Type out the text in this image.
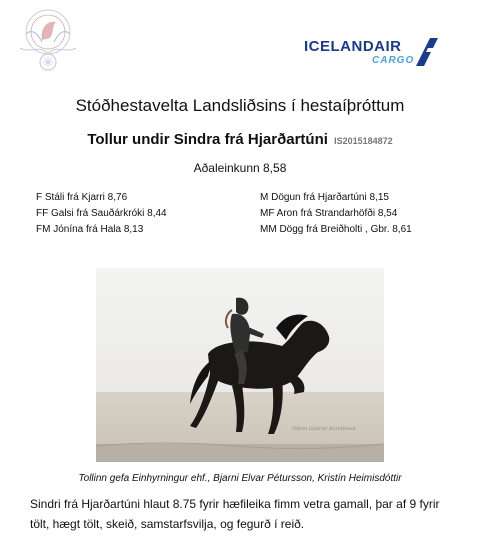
ICELANDAIR
CARGO
Stóðhestavelta Landsliðsins í hestaíþróttum
Tollur undir Sindra frá Hjarðartúni IS2015184872
Aðaleinkunn 8,58
F Stáli frá Kjarri 8,76
FF Galsi frá Sauðárkróki 8,44
FM Jónína frá Hala 8,13
M Dögun frá Hjarðartúni 8,15
MF Aron frá Strandarhöfði 8,54
MM Dögg frá Breiðholti , Gbr. 8,61
Óðinn Gabríel Þórólfsson
Tollinn gefa Einhyrningur ehf., Bjarni Elvar Pétursson, Kristín Heimisdóttir
Sindri frá Hjarðartúni hlaut 8.75 fyrir hæfileika fimm vetra gamall, þar af 9 fyrir tölt, hægt tölt, skeið, samstarfsvilja, og fegurð í reið.
